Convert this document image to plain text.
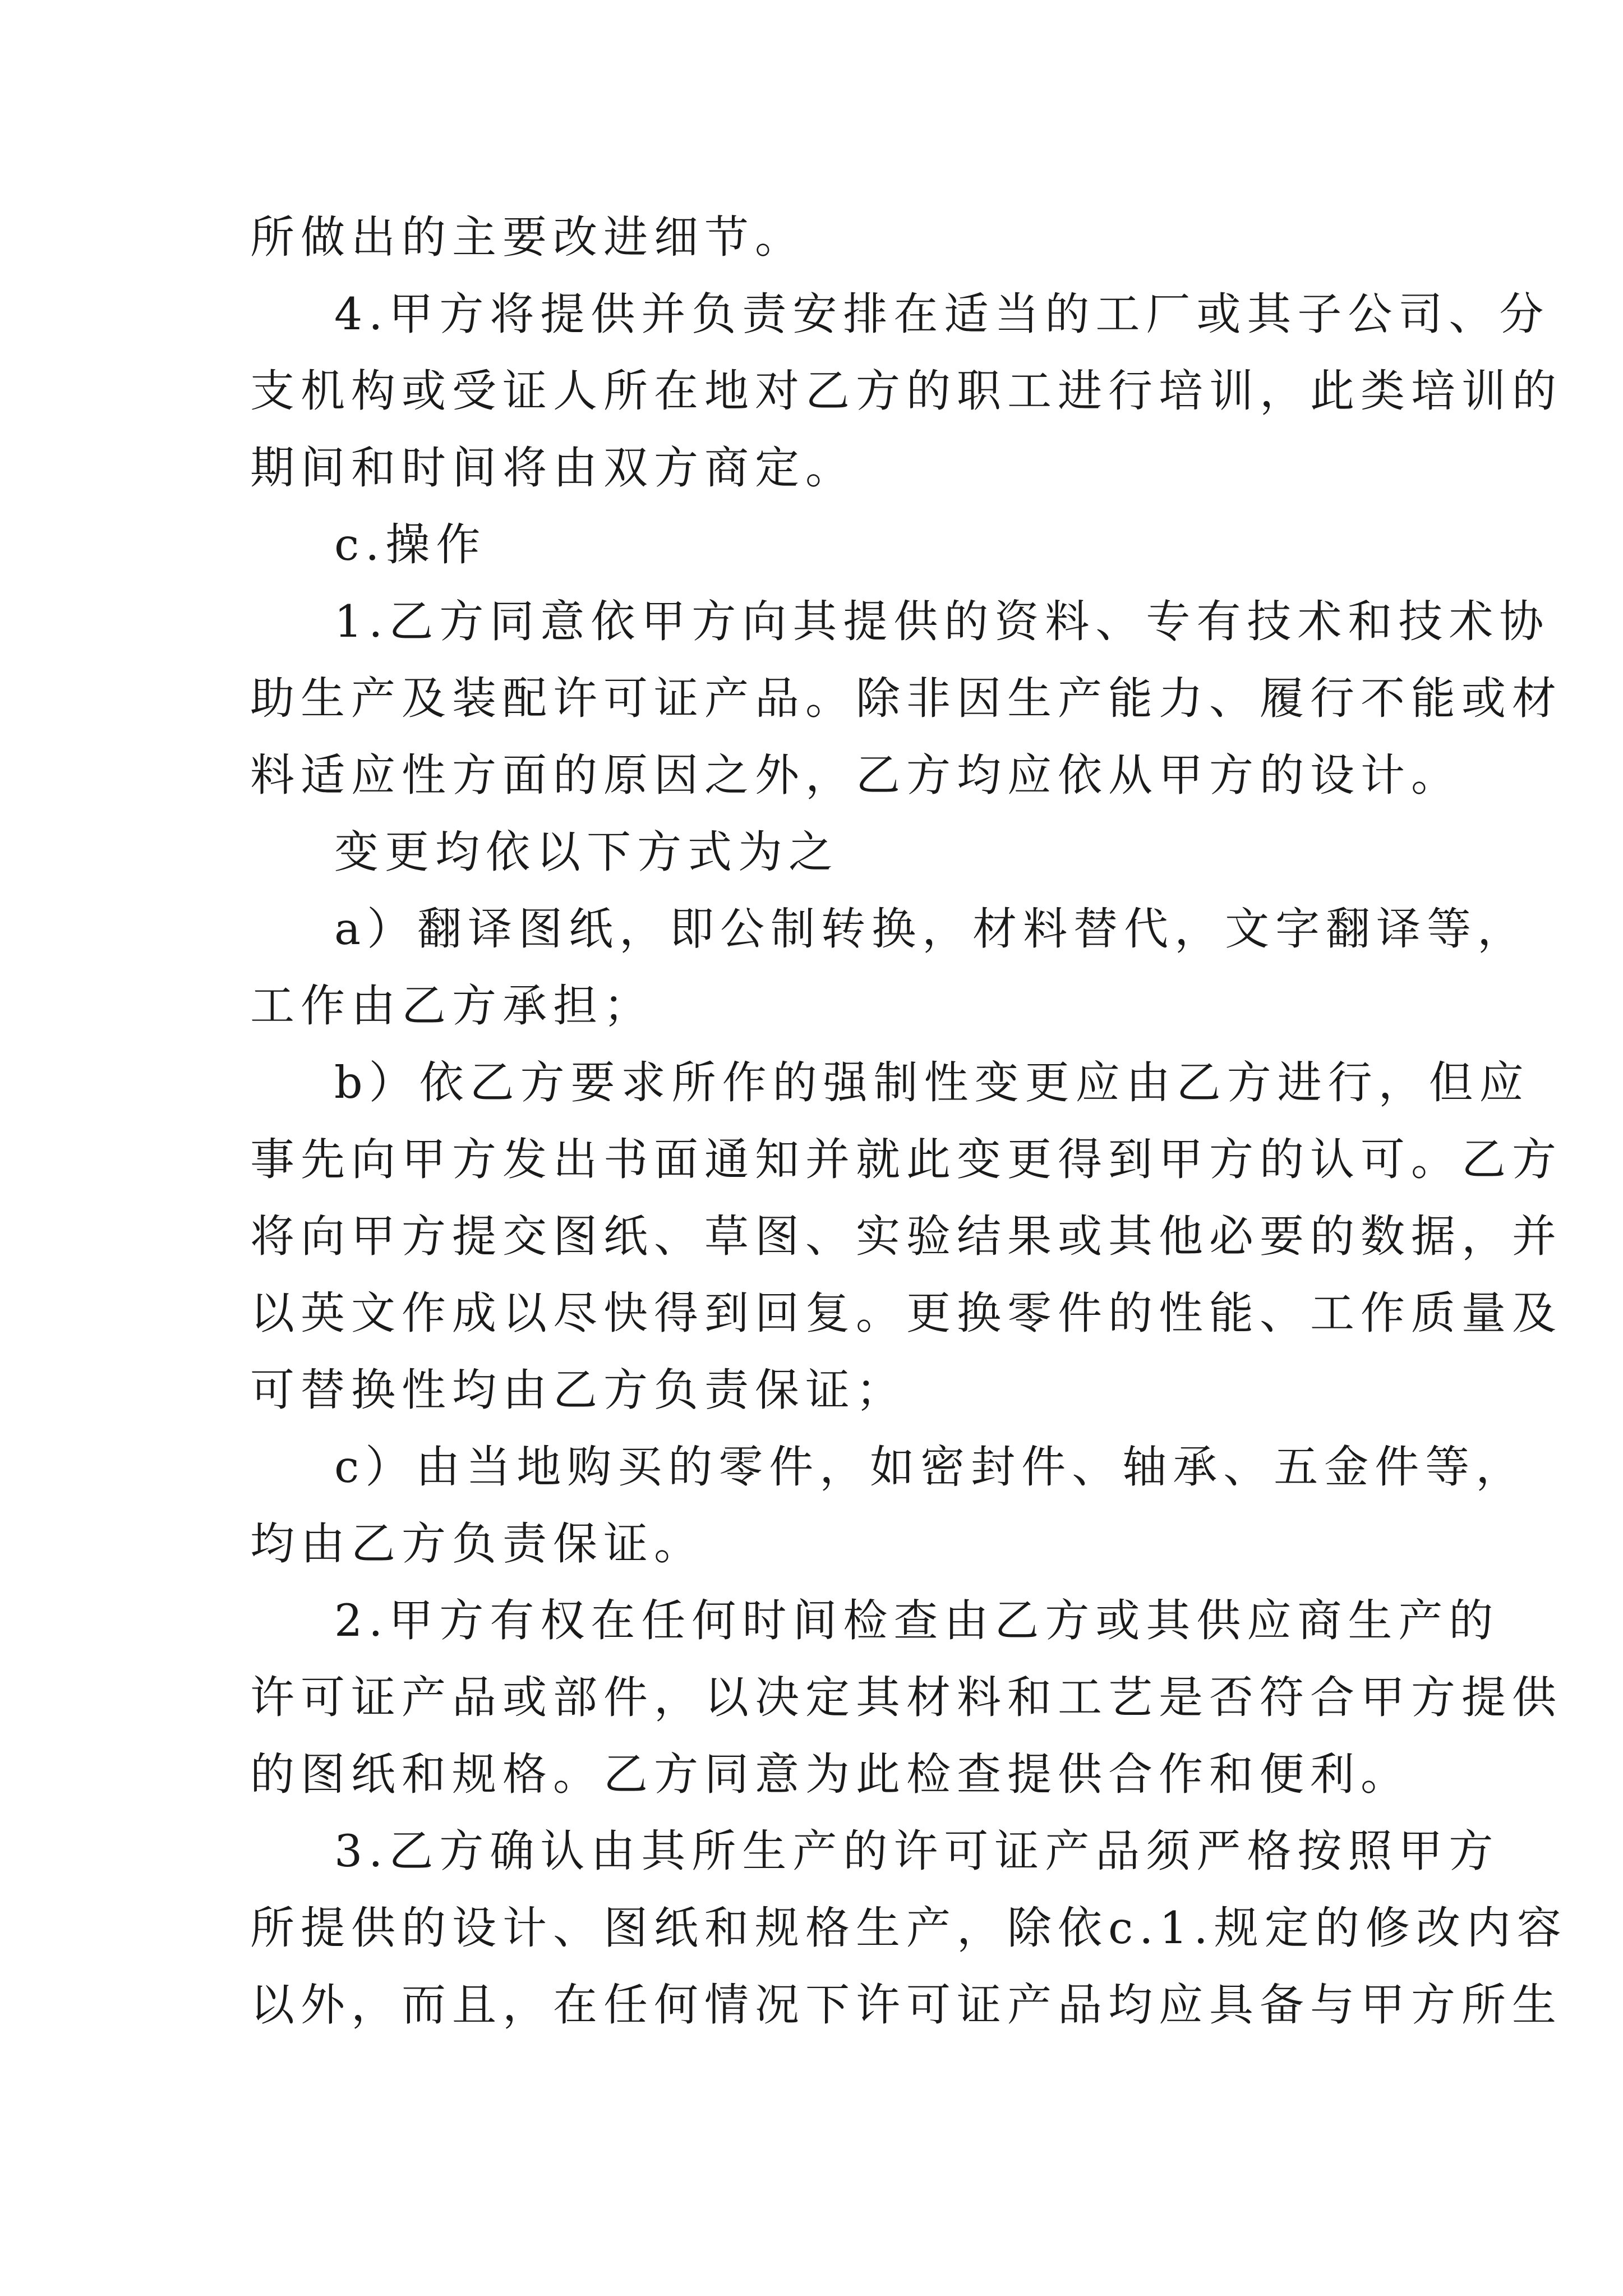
所做出的主要改进细节。
4.甲方将提供并负责安排在适当的工厂或其子公司、分
支机构或受证人所在地对乙方的职工进行培训，此类培训的
期间和时间将由双方商定。
c.操作
1.乙方同意依甲方向其提供的资料、专有技术和技术协
助生产及装配许可证产品。除非因生产能力、履行不能或材
料适应性方面的原因之外，乙方均应依从甲方的设计。
变更均依以下方式为之
a）翻译图纸，即公制转换，材料替代，文字翻译等，
工作由乙方承担；
b）依乙方要求所作的强制性变更应由乙方进行，但应
事先向甲方发出书面通知并就此变更得到甲方的认可。乙方
将向甲方提交图纸、草图、实验结果或其他必要的数据，并
以英文作成以尽快得到回复。更换零件的性能、工作质量及
可替换性均由乙方负责保证；
c）由当地购买的零件，如密封件、轴承、五金件等，
均由乙方负责保证。
2.甲方有权在任何时间检查由乙方或其供应商生产的
许可证产品或部件，以决定其材料和工艺是否符合甲方提供
的图纸和规格。乙方同意为此检查提供合作和便利。
3.乙方确认由其所生产的许可证产品须严格按照甲方
所提供的设计、图纸和规格生产，除依c.1.规定的修改内容
以外，而且，在任何情况下许可证产品均应具备与甲方所生
